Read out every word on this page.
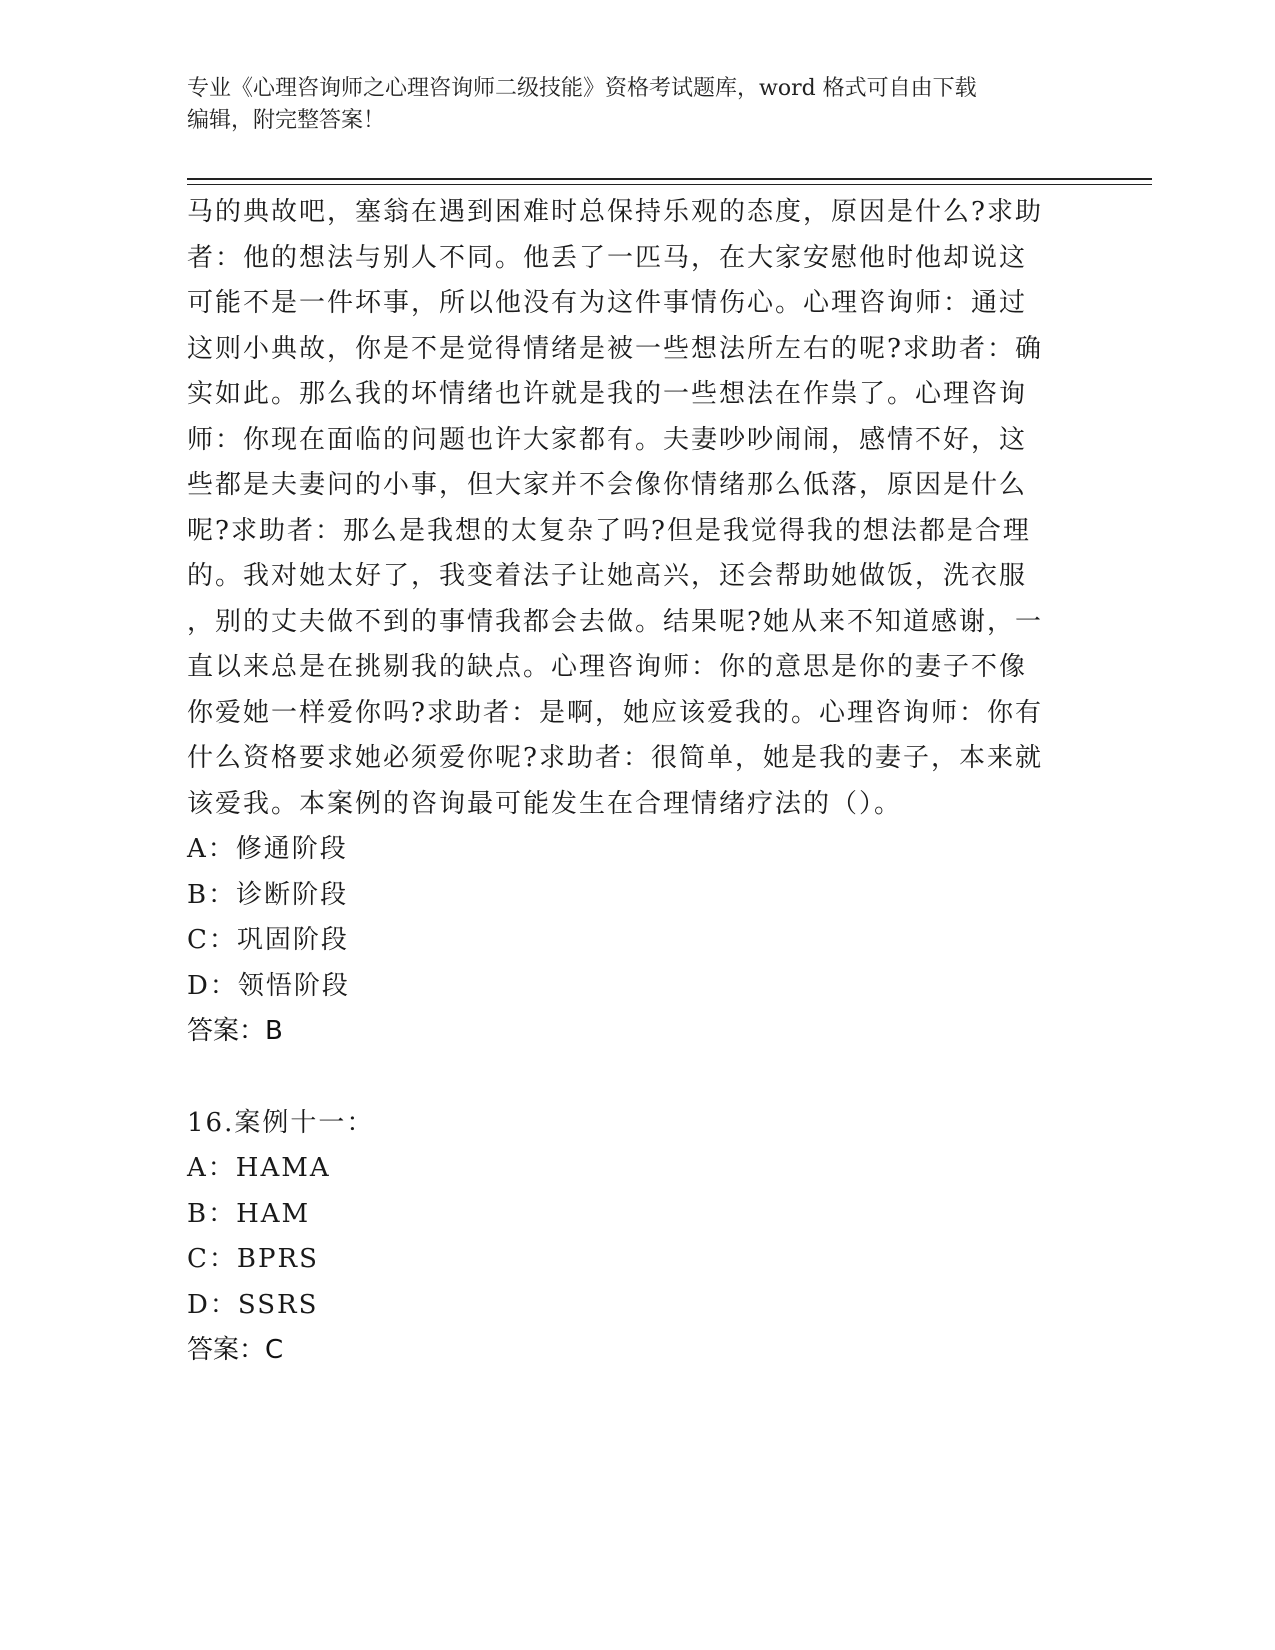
专业《心理咨询师之心理咨询师二级技能》资格考试题库，word 格式可自由下载
编辑，附完整答案！

马的典故吧，塞翁在遇到困难时总保持乐观的态度，原因是什么?求助

者：他的想法与别人不同。他丢了一匹马，在大家安慰他时他却说这

可能不是一件坏事，所以他没有为这件事情伤心。心理咨询师：通过

这则小典故，你是不是觉得情绪是被一些想法所左右的呢?求助者：确

实如此。那么我的坏情绪也许就是我的一些想法在作祟了。心理咨询

师：你现在面临的问题也许大家都有。夫妻吵吵闹闹，感情不好，这

些都是夫妻问的小事，但大家并不会像你情绪那么低落，原因是什么

呢?求助者：那么是我想的太复杂了吗?但是我觉得我的想法都是合理

的。我对她太好了，我变着法子让她高兴，还会帮助她做饭，洗衣服

，别的丈夫做不到的事情我都会去做。结果呢?她从来不知道感谢，一

直以来总是在挑剔我的缺点。心理咨询师：你的意思是你的妻子不像

你爱她一样爱你吗?求助者：是啊，她应该爱我的。心理咨询师：你有

什么资格要求她必须爱你呢?求助者：很简单，她是我的妻子，本来就

该爱我。本案例的咨询最可能发生在合理情绪疗法的（）。

A：修通阶段

B：诊断阶段

C：巩固阶段

D：领悟阶段

答案：B

16.案例十一：

A：HAMA

B：HAM

C：BPRS

D：SSRS

答案：C
